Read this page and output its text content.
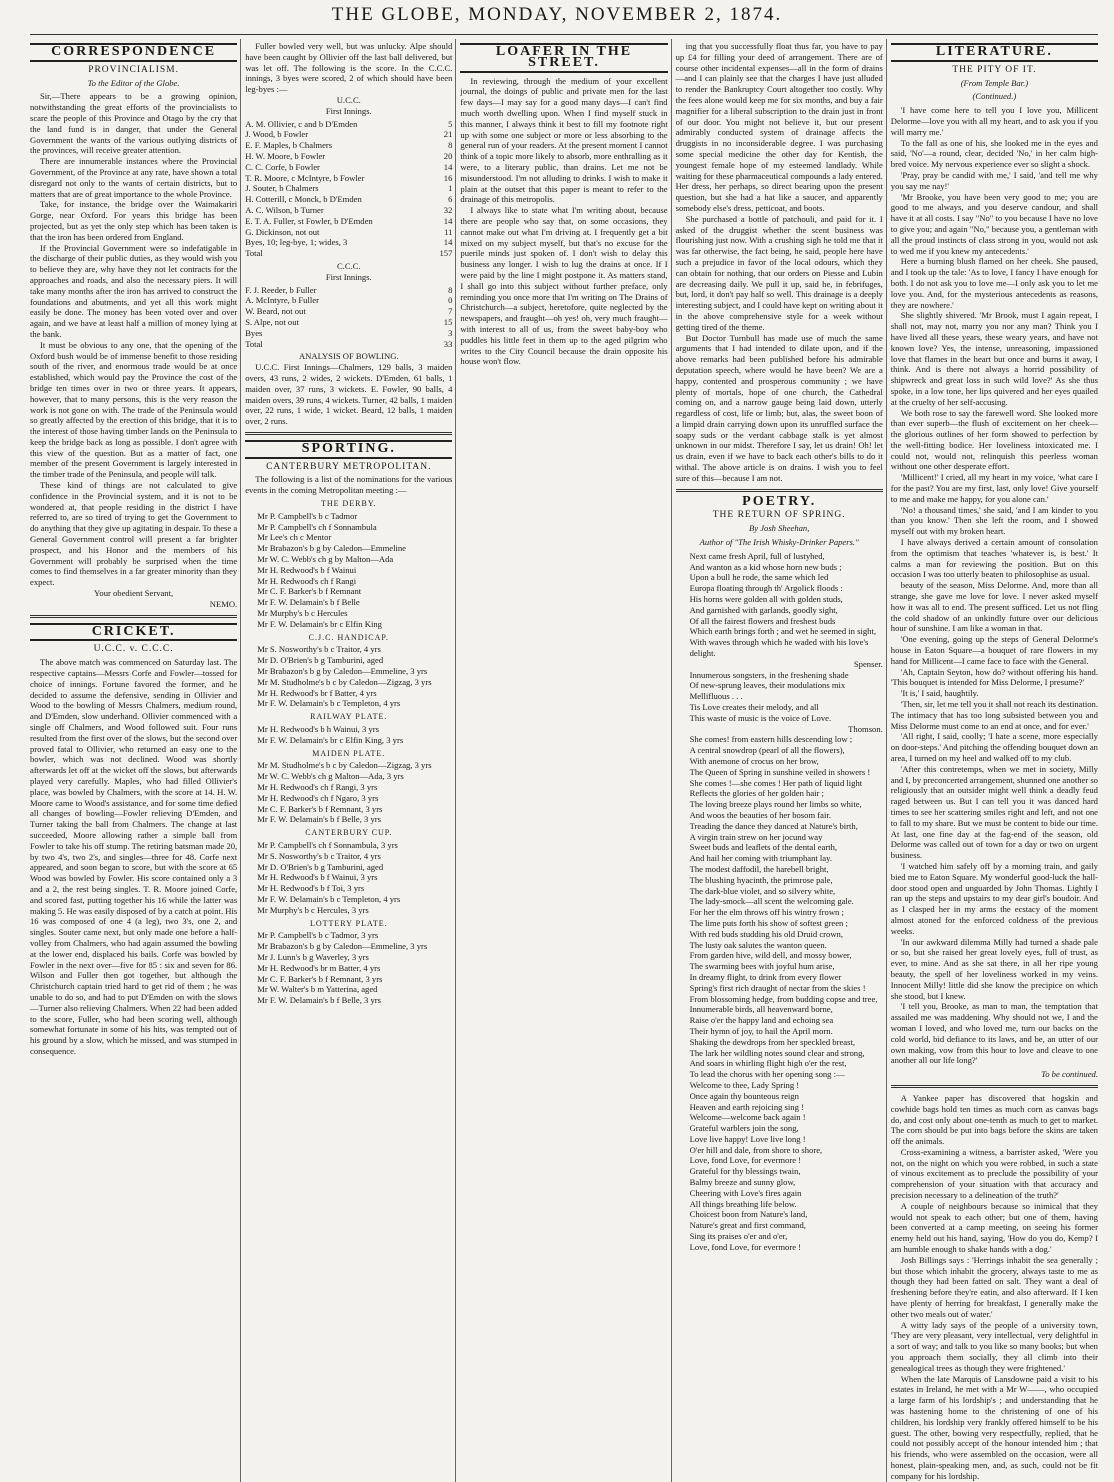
THE GLOBE, MONDAY, NOVEMBER 2, 1874.
CORRESPONDENCE
PROVINCIALISM.
To the Editor of the Globe.

Sir,—There appears to be a growing opinion, notwithstanding the great efforts of the provincialists to scare the people of this Province and Otago by the cry that the land fund is in danger, that under the General Government the wants of the various outlying districts of the provinces, will receive greater attention.

There are innumerable instances where the Provincial Government, of the Province at any rate, have shown a total disregard not only to the wants of certain districts, but to matters that are of great importance to the whole Province.

Take, for instance, the bridge over the Waimakariri Gorge, near Oxford. For years this bridge has been projected, but as yet the only step which has been taken is that the iron has been ordered from England.

If the Provincial Government were so indefatigable in the discharge of their public duties, as they would wish you to believe they are, why have they not let contracts for the approaches and roads, and also the necessary piers. It will take many months after the iron has arrived to construct the foundations and abutments, and yet all this work might easily be done. The money has been voted over and over again, and we have at least half a million of money lying at the bank.

It must be obvious to any one, that the opening of the Oxford bush would be of immense benefit to those residing south of the river, and enormous trade would be at once established, which would pay the Province the cost of the bridge ten times over in two or three years. It appears, however, that to many persons, this is the very reason the work is not gone on with. The trade of the Peninsula would so greatly affected by the erection of this bridge, that it is to the interest of those having timber lands on the Peninsula to keep the bridge back as long as possible. I don't agree with this view of the question. But as a matter of fact, one member of the present Government is largely interested in the timber trade of the Peninsula, and people will talk.

These kind of things are not calculated to give confidence in the Provincial system, and it is not to be wondered at, that people residing in the district I have referred to, are so tired of trying to get the Government to do anything that they give up agitating in despair. To these a General Government control will present a far brighter prospect, and his Honor and the members of his Government will probably be surprised when the time comes to find themselves in a far greater minority than they expect.

Your obedient Servant,
NEMO.
CRICKET.
U.C.C. v. C.C.C.

The above match was commenced on Saturday last. The respective captains—Messrs Corfe and Fowler—tossed for choice of innings. Fortune favored the former, and he decided to assume the defensive, sending in Ollivier and Wood to the bowling of Messrs Chalmers, medium round, and D'Emden, slow underhand. Ollivier commenced with a single off Chalmers, and Wood followed suit. Four runs resulted from the first over of the slows, but the second over proved fatal to Ollivier, who returned an easy one to the bowler, which was not declined. Wood was shortly afterwards let off at the wicket off the slows, but afterwards played very carefully. Maples, who had filled Ollivier's place, was bowled by Chalmers, with the score at 14. H. W. Moore came to Wood's assistance, and for some time defied all changes of bowling—Fowler relieving D'Emden, and Turner taking the ball from Chalmers. The change at last succeeded, Moore allowing rather a simple ball from Fowler to take his off stump. The retiring batsman made 20, by two 4's, two 2's, and singles—three for 48. Corfe next appeared, and soon began to score, but with the score at 65 Wood was bowled by Fowler. His score contained only a 3 and a 2, the rest being singles. T. R. Moore joined Corfe, and scored fast, putting together his 16 while the latter was making 5. He was easily disposed of by a catch at point. His 16 was composed of one 4 (a leg), two 3's, one 2, and singles. Souter came next, but only made one before a half-volley from Chalmers, who had again assumed the bowling at the lower end, displaced his bails. Corfe was bowled by Fowler in the next over—five for 85 : six and seven for 86. Wilson and Fuller then got together, but although the Christchurch captain tried hard to get rid of them ; he was unable to do so, and had to put D'Emden on with the slows—Turner also relieving Chalmers. When 22 had been added to the score, Fuller, who had been scoring well, although somewhat fortunate in some of his hits, was tempted out of his ground by a slow, which he missed, and was stumped in consequence.

Fuller bowled very well, but was unlucky. Alpe should have been caught by Ollivier off the last ball delivered, but was let off. The following is the score. In the C.C.C. innings, 3 byes were scored, 2 of which should have been leg-byes :—

U.C.C.
First Innings.
A. M. Ollivier, c and b D'Emden	5
J. Wood, b Fowler	21
E. F. Maples, b Chalmers	8
H. W. Moore, b Fowler	20
C. C. Corfe, b Fowler	14
T. R. Moore, c McIntyre, b Fowler	16
J. Souter, b Chalmers	1
H. Cotterill, c Monck, b D'Emden	6
A. C. Wilson, b Turner	32
E. T. A. Fuller, st Fowler, b D'Emden	14
G. Dickinson, not out	11
Byes, 10; leg-bye, 1; wides, 3	14
Total	157
C.C.C.
First Innings.
F. J. Reeder, b Fuller	8
A. McIntyre, b Fuller	0
W. Beard, not out	7
S. Alpe, not out	15
Byes	3
Total	33
ANALYSIS OF BOWLING.

U.C.C. First Innings—Chalmers, 129 balls, 3 maiden overs, 43 runs, 2 wides, 2 wickets. D'Emden, 61 balls, 1 maiden over, 37 runs, 3 wickets. E. Fowler, 90 balls, 4 maiden overs, 39 runs, 4 wickets. Turner, 42 balls, 1 maiden over, 22 runs, 1 wide, 1 wicket. Beard, 12 balls, 1 maiden over, 2 runs.

SPORTING.
CANTERBURY METROPOLITAN.

The following is a list of the nominations for the various events in the coming Metropolitan meeting :—

THE DERBY.

Mr P. Campbell's b c Tadmor

Mr P. Campbell's ch f Sonnambula

Mr Lee's ch c Mentor

Mr Brabazon's b g by Caledon—Emmeline

Mr W. C. Webb's ch g by Malton—Ada

Mr H. Redwood's b f Wainui

Mr H. Redwood's ch f Rangi

Mr C. F. Barker's b f Remnant

Mr F. W. Delamain's b f Belle

Mr Murphy's b c Hercules

Mr F. W. Delamain's br c Elfin King

C.J.C. HANDICAP.

Mr S. Nosworthy's b c Traitor, 4 yrs

Mr D. O'Brien's b g Tamburini, aged

Mr Brabazon's b g by Caledon—Emmeline, 3 yrs

Mr M. Studholme's b c by Caledon—Zigzag, 3 yrs

Mr H. Redwood's br f Batter, 4 yrs

Mr F. W. Delamain's b c Templeton, 4 yrs

RAILWAY PLATE.

Mr H. Redwood's b h Wainui, 3 yrs

Mr F. W. Delamain's br c Elfin King, 3 yrs

MAIDEN PLATE.

Mr M. Studholme's b c by Caledon—Zigzag, 3 yrs

Mr W. C. Webb's ch g Malton—Ada, 3 yrs

Mr H. Redwood's ch f Rangi, 3 yrs

Mr H. Redwood's ch f Ngaro, 3 yrs

Mr C. F. Barker's b f Remnant, 3 yrs

Mr F. W. Delamain's b f Belle, 3 yrs

CANTERBURY CUP.

Mr P. Campbell's ch f Sonnambula, 3 yrs

Mr S. Nosworthy's b c Traitor, 4 yrs

Mr D. O'Brien's b g Tamburini, aged

Mr H. Redwood's b f Wainui, 3 yrs

Mr H. Redwood's b f Toi, 3 yrs

Mr F. W. Delamain's b c Templeton, 4 yrs

Mr Murphy's b c Hercules, 3 yrs

LOTTERY PLATE.

Mr P. Campbell's b c Tadmor, 3 yrs

Mr Brabazon's b g by Caledon—Emmeline, 3 yrs

Mr J. Lunn's b g Waverley, 3 yrs

Mr H. Redwood's br m Batter, 4 yrs

Mr C. F. Barker's b f Remnant, 3 yrs

Mr W. Walter's b m Yatterina, aged

Mr F. W. Delamain's b f Belle, 3 yrs

LOAFER IN THE STREET.

In reviewing, through the medium of your excellent journal, the doings of public and private men for the last few days—I may say for a good many days—I can't find much worth dwelling upon. When I find myself stuck in this manner, I always think it best to fill my footnote right up with some one subject or more or less absorbing to the general run of your readers. At the present moment I cannot think of a topic more likely to absorb, more enthralling as it were, to a literary public, than drains. Let me not be misunderstood. I'm not alluding to drinks. I wish to make it plain at the outset that this paper is meant to refer to the drainage of this metropolis.

I always like to state what I'm writing about, because there are people who say that, on some occasions, they cannot make out what I'm driving at. I frequently get a bit mixed on my subject myself, but that's no excuse for the puerile minds just spoken of. I don't wish to delay this business any longer. I wish to lug the drains at once. If I were paid by the line I might postpone it. As matters stand, I shall go into this subject without further preface, only reminding you once more that I'm writing on The Drains of Christchurch—a subject, heretofore, quite neglected by the newspapers, and fraught—oh yes! oh, very much fraught—with interest to all of us, from the sweet baby-boy who puddles his little feet in them up to the aged pilgrim who writes to the City Council because the drain opposite his house won't flow.

ing that you successfully float thus far, you have to pay up £4 for filling your deed of arrangement. There are of course other incidental expenses—all in the form of drains—and I can plainly see that the charges I have just alluded to render the Bankruptcy Court altogether too costly. Why the fees alone would keep me for six months, and buy a fair magnifier for a liberal subscription to the drain just in front of our door. You might not believe it, but our present admirably conducted system of drainage affects the druggists in no inconsiderable degree. I was purchasing some special medicine the other day for Kentish, the youngest female hope of my esteemed landlady. While waiting for these pharmaceutical compounds a lady entered. Her dress, her perhaps, so direct bearing upon the present question, but she had a hat like a saucer, and apparently somebody else's dress, petticoat, and boots.

She purchased a bottle of patchouli, and paid for it. I asked of the druggist whether the scent business was flourishing just now. With a crushing sigh he told me that it was far otherwise, the fact being, he said, people here have such a prejudice in favor of the local odours, which they can obtain for nothing, that our orders on Piesse and Lubin are decreasing daily. We pull it up, said he, in febrifuges, but, lord, it don't pay half so well. This drainage is a deeply interesting subject, and I could have kept on writing about it in the above comprehensive style for a week without getting tired of the theme.

But Doctor Turnbull has made use of much the same arguments that I had intended to dilate upon, and if the above remarks had been published before his admirable deputation speech, where would he have been? We are a happy, contented and prosperous community ; we have plenty of mortals, hope of one church, the Cathedral coming on, and a narrow gauge being laid down, utterly regardless of cost, life or limb; but, alas, the sweet boon of a limpid drain carrying down upon its unruffled surface the soapy suds or the verdant cabbage stalk is yet almost unknown in our midst. Therefore I say, let us drain! Oh! let us drain, even if we have to back each other's bills to do it withal. The above article is on drains. I wish you to feel sure of this—because I am not.

POETRY.
THE RETURN OF SPRING.
By Josh Sheehan,
Author of "The Irish Whisky-Drinker Papers."

Next came fresh April, full of lustyhed,

And wanton as a kid whose horn new buds ;

Upon a bull he rode, the same which led

Europa floating through th' Argolick floods :

His horns were golden all with golden studs,

And garnished with garlands, goodly sight,

Of all the fairest flowers and freshest buds

Which earth brings forth ; and wet he seemed in sight,

With waves through which he waded with his love's delight.

Spenser.

Innumerous songsters, in the freshening shade

Of new-sprung leaves, their modulations mix

Mellifluous . . .

Tis Love creates their melody, and all

This waste of music is the voice of Love.

Thomson.

She comes! from eastern hills descending low ;

A central snowdrop (pearl of all the flowers),

With anemone of crocus on her brow,

The Queen of Spring in sunshine veiled in showers !

She comes !—she comes ! Her path of liquid light

Reflects the glories of her golden hair ;

The loving breeze plays round her limbs so white,

And woos the beauties of her bosom fair.

Treading the dance they danced at Nature's birth,

A virgin train strew on her jocund way

Sweet buds and leaflets of the dental earth,

And hail her coming with triumphant lay.

The modest daffodil, the harebell bright,

The blushing hyacinth, the primrose pale,

The dark-blue violet, and so silvery white,

The lady-smock—all scent the welcoming gale.

For her the elm throws off his wintry frown ;

The lime puts forth his show of softest green ;

With red buds studding his old Druid crown,

The lusty oak salutes the wanton queen.

From garden hive, wild dell, and mossy bower,

The swarming bees with joyful hum arise,

In dreamy flight, to drink from every flower

Spring's first rich draught of nectar from the skies !

From blossoming hedge, from budding copse and tree,

Innumerable birds, all heavenward borne,

Raise o'er the happy land and echoing sea

Their hymn of joy, to hail the April morn.

Shaking the dewdrops from her speckled breast,

The lark her wildling notes sound clear and strong,

And soars in whirling flight high o'er the rest,

To lead the chorus with her opening song :—

Welcome to thee, Lady Spring !

Once again thy bounteous reign

Heaven and earth rejoicing sing !

Welcome—welcome back again !

Grateful warblers join the song,

Love live happy! Love live long !

O'er hill and dale, from shore to shore,

Love, fond Love, for evermore !

Grateful for thy blessings twain,

Balmy breeze and sunny glow,

Cheering with Love's fires again

All things breathing life below.

Choicest boon from Nature's land,

Nature's great and first command,

Sing its praises o'er and o'er,

Love, fond Love, for evermore !

LITERATURE.
THE PITY OF IT.
(From Temple Bar.)
(Continued.)

'I have come here to tell you I love you, Millicent Delorme—love you with all my heart, and to ask you if you will marry me.'

To the fall as one of his, she looked me in the eyes and said, 'No'—a round, clear, decided 'No,' in her calm high-bred voice. My nervous experience ever so slight a shock.

'Pray, pray be candid with me,' I said, 'and tell me why you say me nay!'

'Mr Brooke, you have been very good to me; you are good to me always, and you deserve candour, and shall have it at all costs. I say "No" to you because I have no love to give you; and again "No," because you, a gentleman with all the proud instincts of class strong in you, would not ask to wed me if you knew my antecedents.'

Here a burning blush flamed on her cheek. She paused, and I took up the tale: 'As to love, I fancy I have enough for both. I do not ask you to love me—I only ask you to let me love you. And, for the mysterious antecedents as reasons, they are nowhere.'

She slightly shivered. 'Mr Brook, must I again repeat, I shall not, may not, marry you nor any man? Think you I have lived all these years, these weary years, and have not known love? Yes, the intense, unreasoning, impassioned love that flames in the heart but once and burns it away, I think. And is there not always a horrid possibility of shipwreck and great loss in such wild love?' As she thus spoke, in a low tone, her lips quivered and her eyes quailed at the cruelty of her self-accusing.

We both rose to say the farewell word. She looked more than ever superb—the flush of excitement on her cheek—the glorious outlines of her form showed to perfection by the well-fitting bodice. Her loveliness intoxicated me. I could not, would not, relinquish this peerless woman without one other desperate effort.

'Millicent!' I cried, all my heart in my voice, 'what care I for the past? You are my first, last, only love! Give yourself to me and make me happy, for you alone can.'

'No! a thousand times,' she said, 'and I am kinder to you than you know.' Then she left the room, and I showed myself out with my broken heart.

I have always derived a certain amount of consolation from the optimism that teaches 'whatever is, is best.' It calms a man for reviewing the position. But on this occasion I was too utterly beaten to philosophise as usual.

beauty of the season, Miss Delorme. And, more than all strange, she gave me love for love. I never asked myself how it was all to end. The present sufficed. Let us not fling the cold shadow of an unkindly future over our delicious hour of sunshine. I am like a woman in that.

'One evening, going up the steps of General Delorme's house in Eaton Square—a bouquet of rare flowers in my hand for Millicent—I came face to face with the General.

'Ah, Captain Seyton, how do? without offering his hand. 'This bouquet is intended for Miss Delorme, I presume?'

'It is,' I said, haughtily.

'Then, sir, let me tell you it shall not reach its destination. The intimacy that has too long subsisted between you and Miss Delorme must come to an end at once, and for ever.'

'All right, I said, coolly; 'I hate a scene, more especially on door-steps.' And pitching the offending bouquet down an area, I turned on my heel and walked off to my club.

'After this contretemps, when we met in society, Milly and I, by preconcerted arrangement, shunned one another so religiously that an outsider might well think a deadly feud raged between us. But I can tell you it was danced hard times to see her scattering smiles right and left, and not one to fall to my share. But we must be content to bide our time. At last, one fine day at the fag-end of the season, old Delorme was called out of town for a day or two on urgent business.

'I watched him safely off by a morning train, and gaily bied me to Eaton Square. My wonderful good-luck the hall-door stood open and unguarded by John Thomas. Lightly I ran up the steps and upstairs to my dear girl's boudoir. And as I clasped her in my arms the ecstacy of the moment almost atoned for the enforced coldness of the previous weeks.

'In our awkward dilemma Milly had turned a shade pale or so, but she raised her great lovely eyes, full of trust, as ever, to mine. And as she sat there, in all her ripe young beauty, the spell of her loveliness worked in my veins. Innocent Milly! little did she know the precipice on which she stood, but I knew.

'I tell you, Brooke, as man to man, the temptation that assailed me was maddening. Why should not we, I and the woman I loved, and who loved me, turn our backs on the cold world, bid defiance to its laws, and be, an utter of our own making, vow from this hour to love and cleave to one another all our life long?'

To be continued.

A Yankee paper has discovered that hogskin and cowhide bags hold ten times as much corn as canvas bags do, and cost only about one-tenth as much to get to market. The corn should be put into bags before the skins are taken off the animals.

Cross-examining a witness, a barrister asked, 'Were you not, on the night on which you were robbed, in such a state of vinous excitement as to preclude the possibility of your comprehension of your situation with that accuracy and precision necessary to a delineation of the truth?'

A couple of neighbours because so inimical that they would not speak to each other; but one of them, having been converted at a camp meeting, on seeing his former enemy held out his hand, saying, 'How do you do, Kemp? I am humble enough to shake hands with a dog.'

Josh Billings says : 'Herrings inhabit the sea generally ; but those which inhabit the grocery, always taste to me as though they had been fatted on salt. They want a deal of freshening before they're eatin, and also afterward. If I ken have plenty of herring for breakfast, I generally make the other two meals out of water.'

A witty lady says of the people of a university town, 'They are very pleasant, very intellectual, very delightful in a sort of way; and talk to you like so many books; but when you approach them socially, they all climb into their genealogical trees as though they were frightened.'

When the late Marquis of Lansdowne paid a visit to his estates in Ireland, he met with a Mr W——, who occupied a large farm of his lordship's ; and understanding that he was hastening home to the christening of one of his children, his lordship very frankly offered himself to be his guest. The other, bowing very respectfully, replied, that he could not possibly accept of the honour intended him ; that his friends, who were assembled on the occasion, were all honest, plain-speaking men, and, as such, could not be fit company for his lordship.
